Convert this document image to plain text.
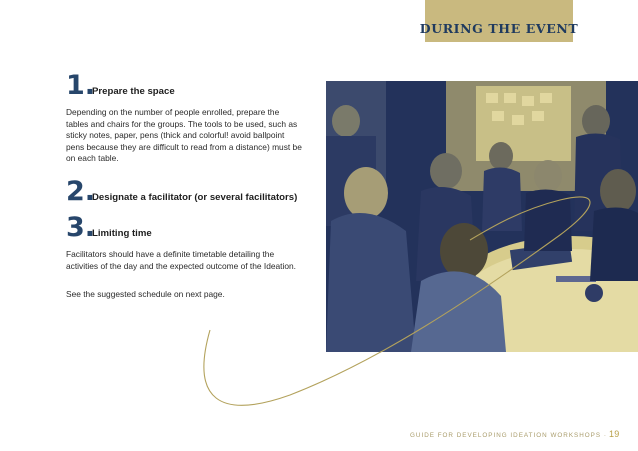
DURING THE EVENT
1.
Prepare the space

Depending on the number of people enrolled, prepare the tables and chairs for the groups. The tools to be used, such as sticky notes, paper, pens (thick and colorful! avoid ballpoint pens because they are difficult to read from a distance) must be on each table.

2.
Designate a facilitator (or several facilitators)
3.
Limiting time

Facilitators should have a definite timetable detailing the activities of the day and the expected outcome of the Ideation.

See the suggested schedule on next page.

GUIDE FOR DEVELOPING IDEATION WORKSHOPS · 19
